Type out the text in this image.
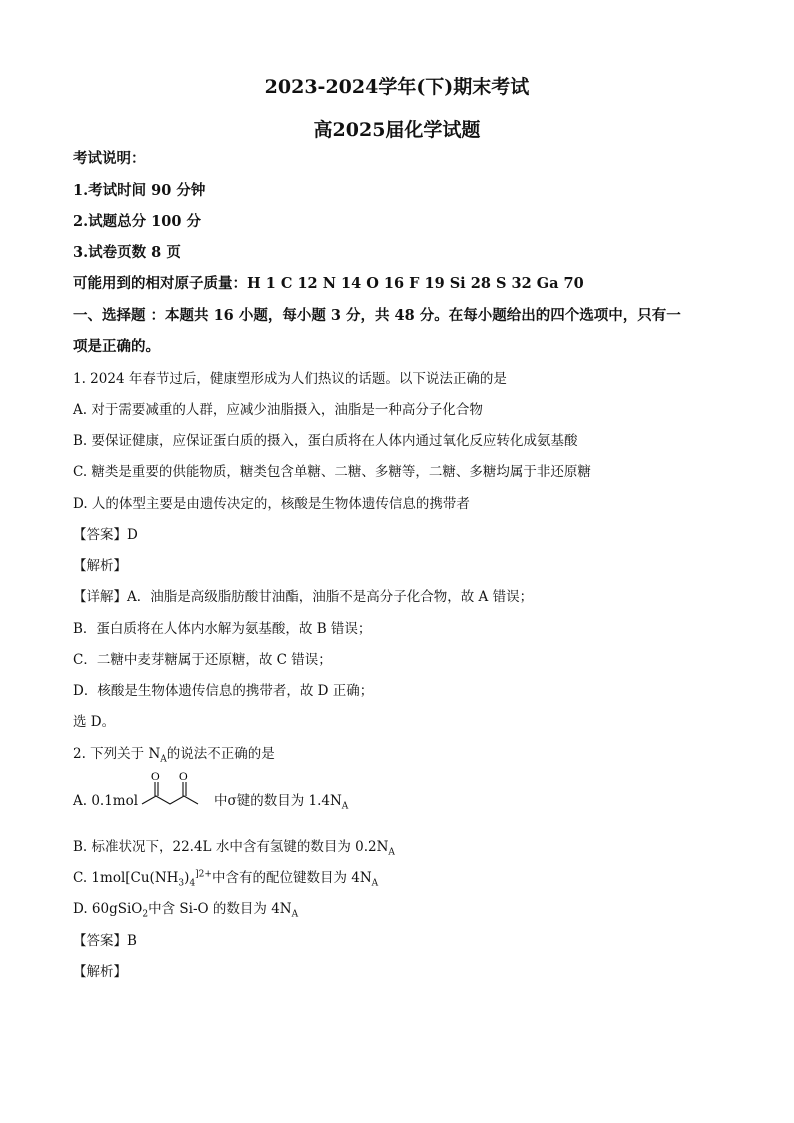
2023-2024学年(下)期末考试
高2025届化学试题
考试说明：
1.考试时间 90 分钟
2.试题总分 100 分
3.试卷页数 8 页
可能用到的相对原子质量：H 1 C 12 N 14 O 16 F 19 Si 28 S 32 Ga 70
一、选择题 ：本题共 16 小题，每小题 3 分，共 48 分。在每小题给出的四个选项中，只有一
项是正确的。
1. 2024 年春节过后，健康塑形成为人们热议的话题。以下说法正确的是
A. 对于需要减重的人群，应减少油脂摄入，油脂是一种高分子化合物
B. 要保证健康，应保证蛋白质的摄入，蛋白质将在人体内通过氧化反应转化成氨基酸
C. 糖类是重要的供能物质，糖类包含单糖、二糖、多糖等，二糖、多糖均属于非还原糖
D. 人的体型主要是由遗传决定的，核酸是生物体遗传信息的携带者
【答案】D
【解析】
【详解】A．油脂是高级脂肪酸甘油酯，油脂不是高分子化合物，故 A 错误；
B．蛋白质将在人体内水解为氨基酸，故 B 错误；
C．二糖中麦芽糖属于还原糖，故 C 错误；
D．核酸是生物体遗传信息的携带者，故 D 正确；
选 D。
2. 下列关于 $N_A$的说法不正确的是
A. 0.1mol
O O
中σ键的数目为 $1.4N_A$
B. 标准状况下，22.4L 水中含有氢键的数目为 $0.2N_A$
C. $1mol[Cu(NH_3)_4^{]2+}$中含有的配位键数目为 $4N_A$
D. 60gSiO$_2$中含 Si-O 的数目为 $4N_A$
【答案】B
【解析】
